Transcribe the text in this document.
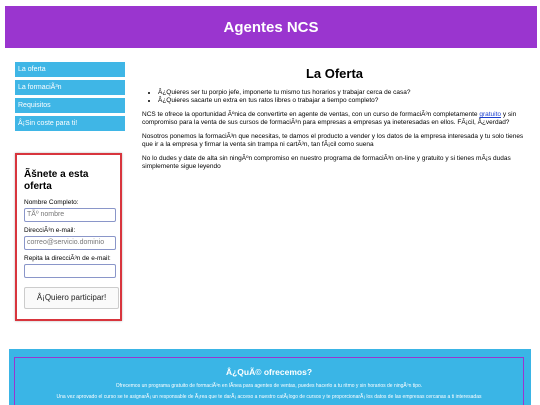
Agentes NCS
La oferta
La formaciÃ³n
Requisitos
Â¡Sin coste para ti!
Ãšnete a esta oferta
Nombre Completo:
TÃº nombre
DirecciÃ³n e-mail:
correo@servicio.dominio
Repita la direcciÃ³n de e-mail:
Â¡Quiero participar!
La Oferta
• Â¿Quieres ser tu porpio jefe, imponerte tu mismo tus horarios y trabajar cerca de casa?
• Â¿Quieres sacarte un extra en tus ratos libres o trabajar a tiempo completo?

NCS te ofrece la oportunidad Ãºnica de convertirte en agente de ventas, con un curso de formaciÃ³n completamente gratuito y sin compromiso para la venta de sus cursos de formaciÃ³n para empresas a empresas ya ineteresadas en ellos. FÃ¡cil, Â¿verdad?

Nosotros ponemos la formaciÃ³n que necesitas, te damos el producto a vender y los datos de la empresa interesada y tu solo tienes que ir a la empresa y firmar la venta sin trampa ni cartÃ³n, tan fÃ¡cil como suena

No lo dudes y date de alta sin ningÃºn compromiso en nuestro programa de formaciÃ³n on-line y gratuito y si tienes mÃ¡s dudas simplemente sigue leyendo

Â¿QuÃ© ofrecemos?

Ofrecemos un programa gratuito de formaciÃ³n en lÃnea para agentes de ventas, puedes hacerlo a tu ritmo y sin horarios de ningÃºn tipo.

Una vez aprovado el curso se te asignarÃ¡ un responsable de Ã¡rea que te darÃ¡ acceso a nuestro catÃ¡logo de cursos y te proporcionarÃ¡ los datos de las empresas cercanas a ti interesadas
